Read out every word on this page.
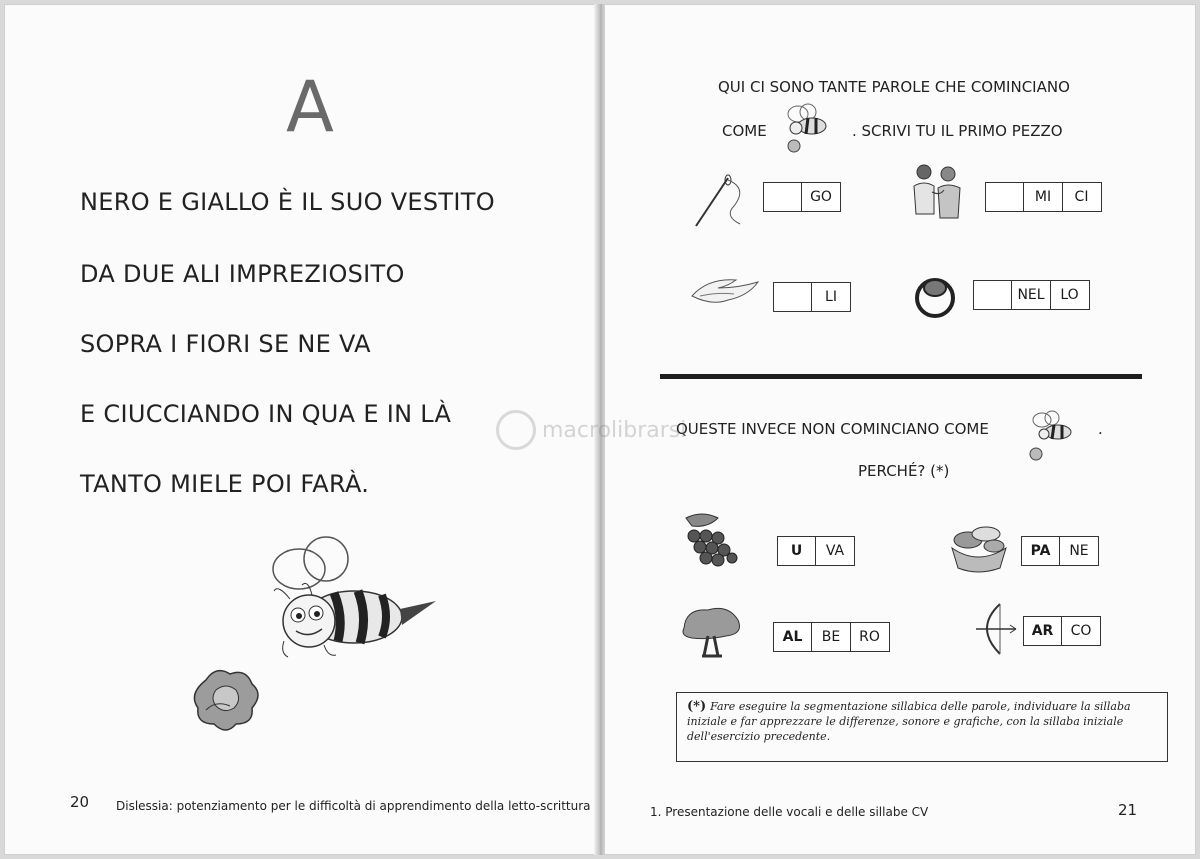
A
NERO E GIALLO È IL SUO VESTITO
DA DUE ALI IMPREZIOSITO
SOPRA I FIORI SE NE VA
E CIUCCIANDO IN QUA E IN LÀ
TANTO MIELE POI FARÀ.
20 Dislessia: potenziamento per le difficoltà di apprendimento della letto-scrittura
QUI CI SONO TANTE PAROLE CHE COMINCIANO
COME	. SCRIVI TU IL PRIMO PEZZO
GO	MI	CI
LI	NEL	LO
QUESTE INVECE NON COMINCIANO COME	.
PERCHÉ? (*)
U	VA	PA	NE
AL	BE	RO	AR	CO
(*) Fare eseguire la segmentazione sillabica delle parole, individuare la sillaba iniziale e far apprezzare le differenze, sonore e grafiche, con la sillaba iniziale dell'esercizio precedente.
1. Presentazione delle vocali e delle sillabe CV	21
macrolibrarsi
